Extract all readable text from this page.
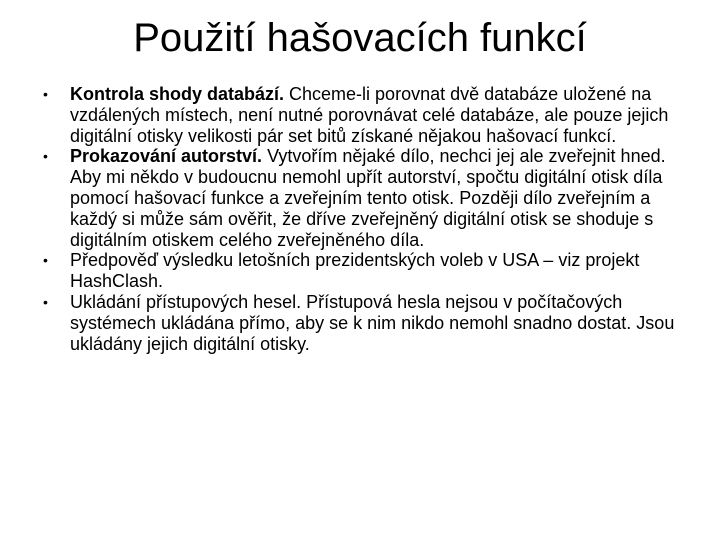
Použití hašovacích funkcí
• Kontrola shody databází. Chceme-li porovnat dvě databáze uložené na vzdálených místech, není nutné porovnávat celé databáze, ale pouze jejich digitální otisky velikosti pár set bitů získané nějakou hašovací funkcí.
• Prokazování autorství. Vytvořím nějaké dílo, nechci jej ale zveřejnit hned. Aby mi někdo v budoucnu nemohl upřít autorství, spočtu digitální otisk díla pomocí hašovací funkce a zveřejním tento otisk. Později dílo zveřejním a každý si může sám ověřit, že dříve zveřejněný digitální otisk se shoduje s digitálním otiskem celého zveřejněného díla.
• Předpověď výsledku letošních prezidentských voleb v USA – viz projekt HashClash.
• Ukládání přístupových hesel. Přístupová hesla nejsou v počítačových systémech ukládána přímo, aby se k nim nikdo nemohl snadno dostat. Jsou ukládány jejich digitální otisky.
